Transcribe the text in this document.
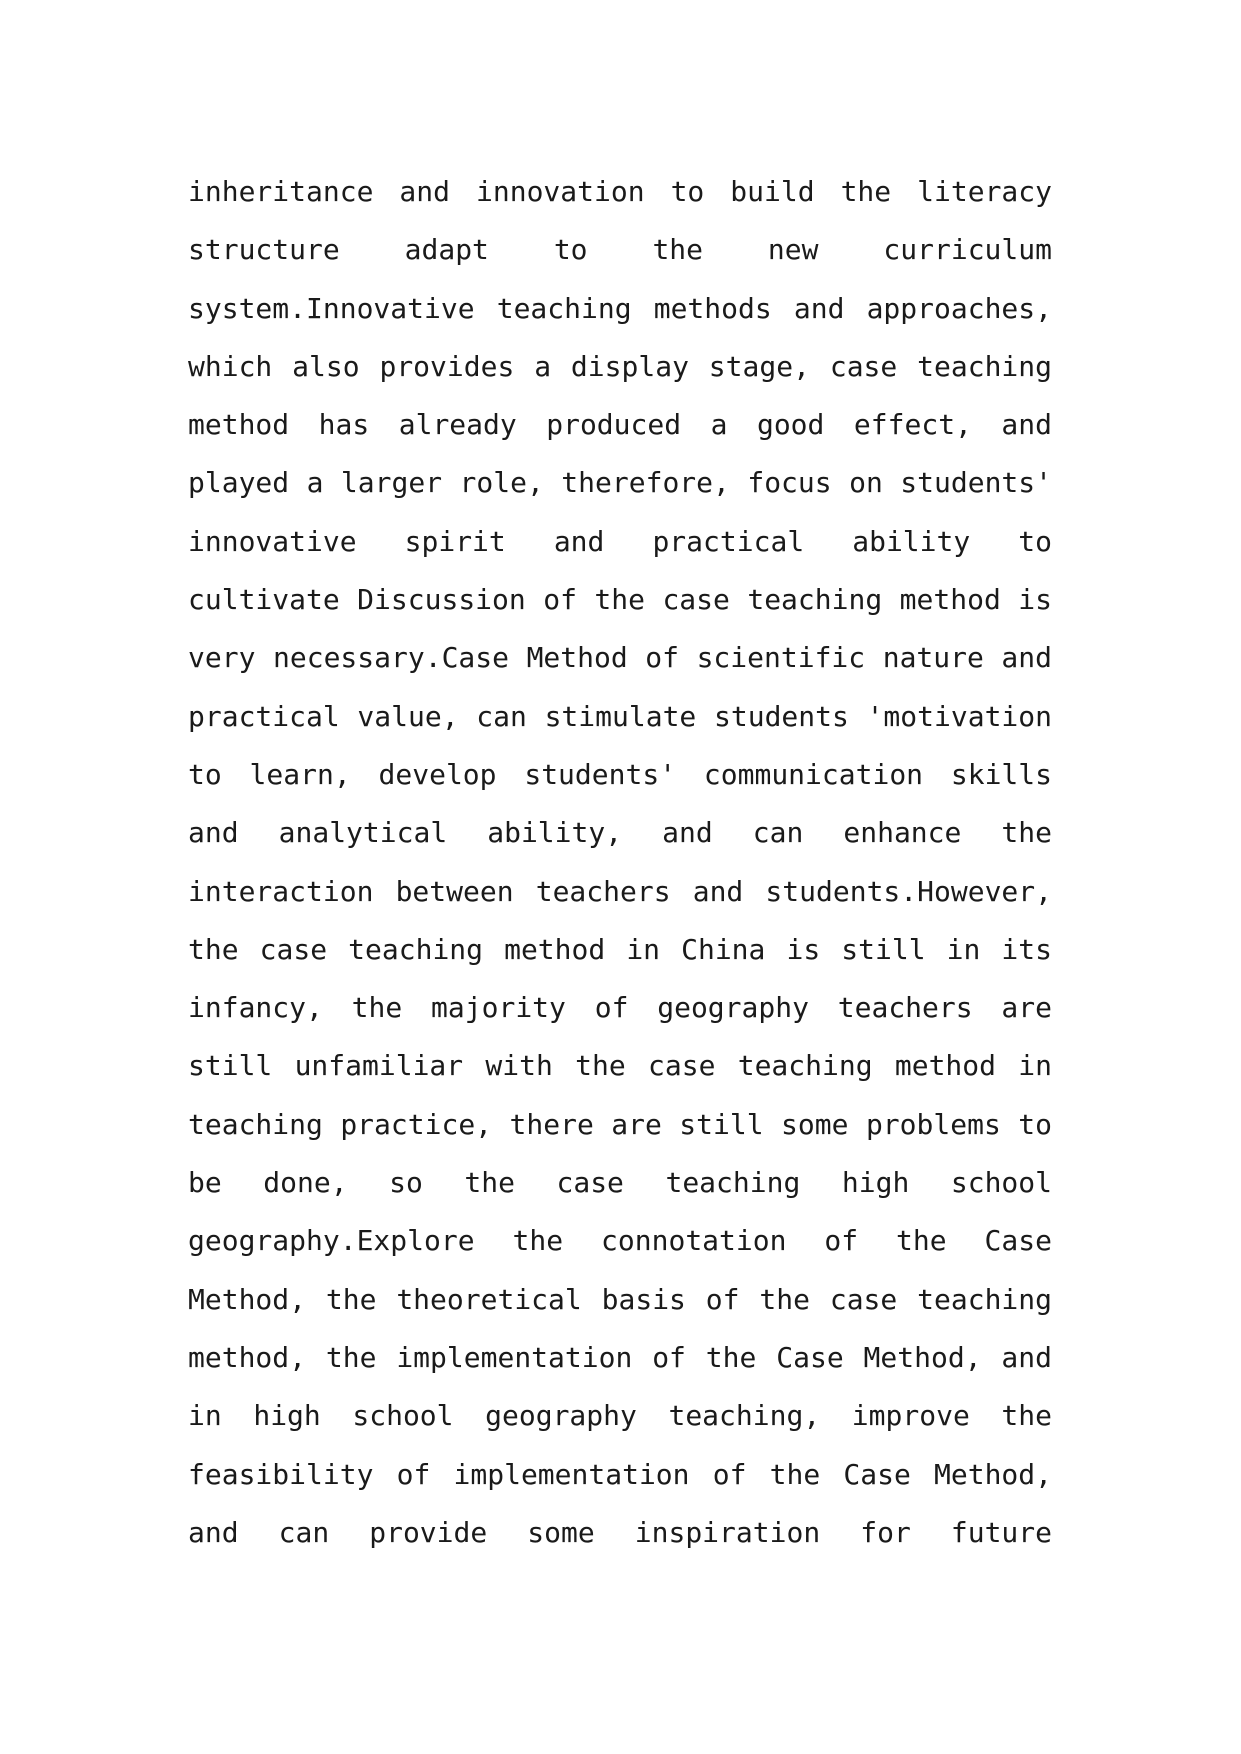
inheritance and innovation to build the literacy
structure adapt to the new curriculum
system.Innovative teaching methods and approaches,
which also provides a display stage, case teaching
method has already produced a good effect, and
played a larger role, therefore, focus on students'
innovative spirit and practical ability to
cultivate Discussion of the case teaching method is
very necessary.Case Method of scientific nature and
practical value, can stimulate students 'motivation
to learn, develop students' communication skills
and analytical ability, and can enhance the
interaction between teachers and students.However,
the case teaching method in China is still in its
infancy, the majority of geography teachers are
still unfamiliar with the case teaching method in
teaching practice, there are still some problems to
be done, so the case teaching high school
geography.Explore the connotation of the Case
Method, the theoretical basis of the case teaching
method, the implementation of the Case Method, and
in high school geography teaching, improve the
feasibility of implementation of the Case Method,
and can provide some inspiration for future
